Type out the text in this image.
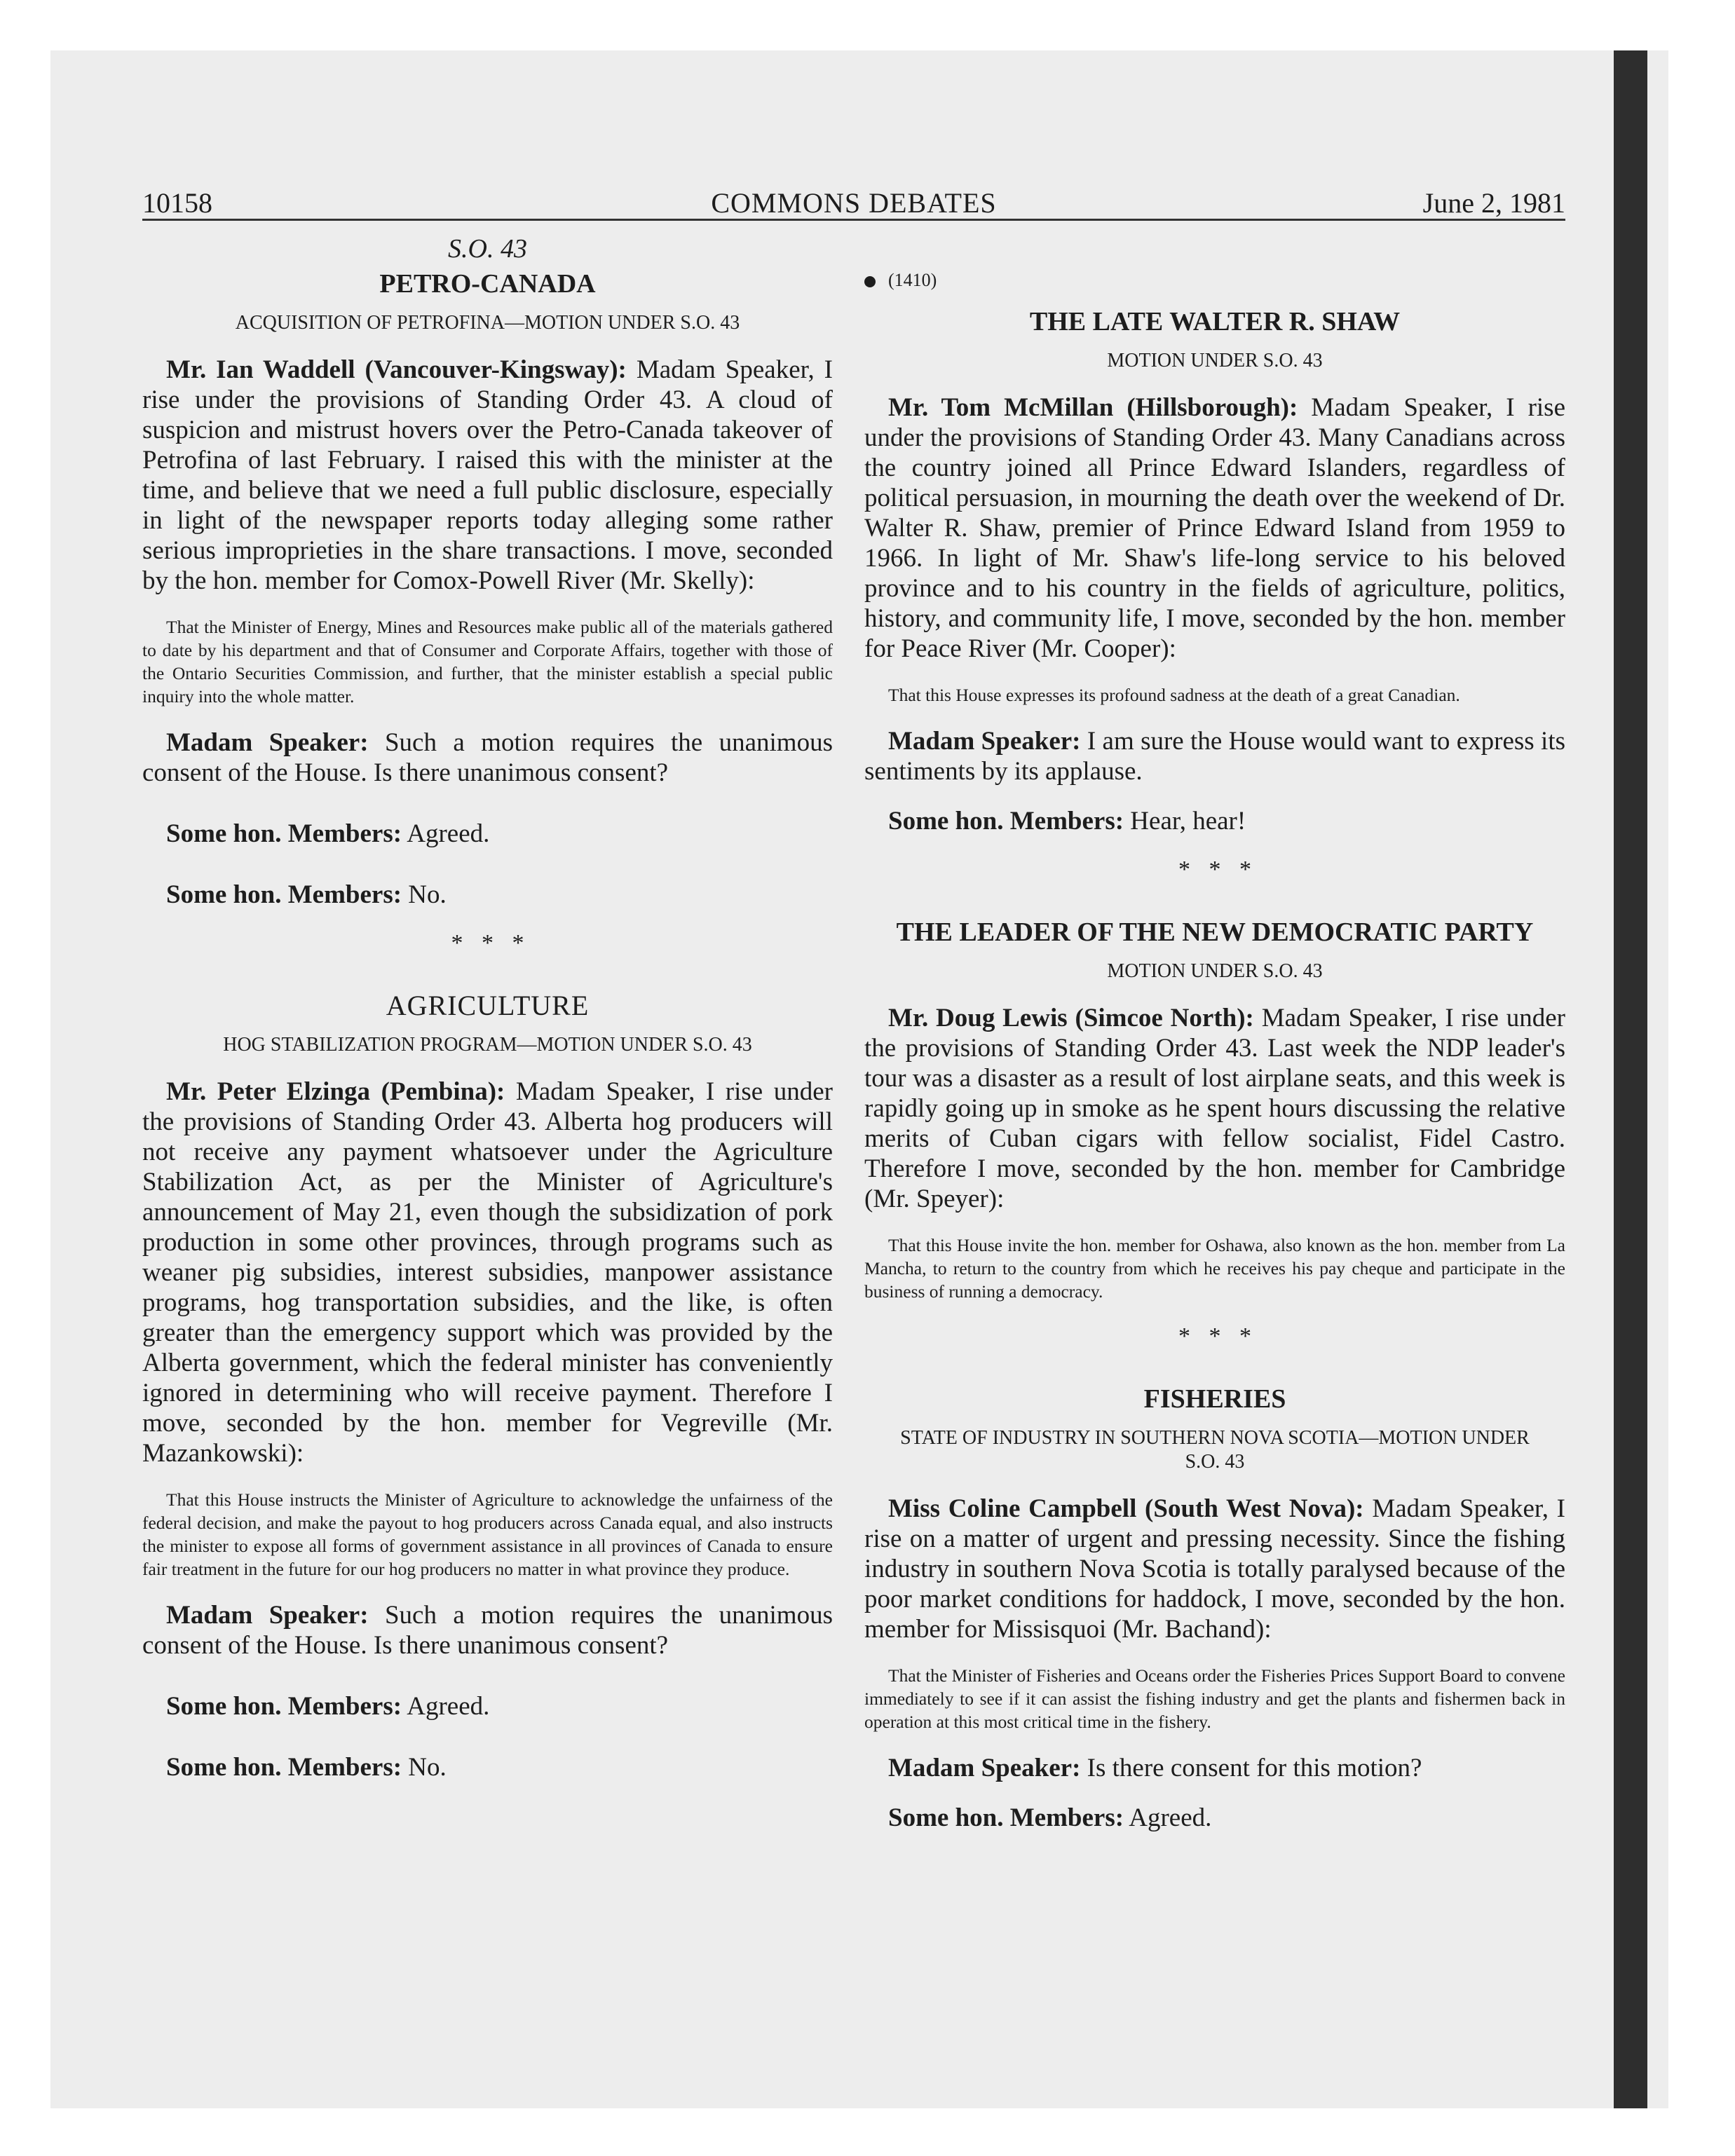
10158	COMMONS DEBATES	June 2, 1981

S.O. 43

PETRO-CANADA

ACQUISITION OF PETROFINA—MOTION UNDER S.O. 43

Mr. Ian Waddell (Vancouver-Kingsway): Madam Speaker, I rise under the provisions of Standing Order 43. A cloud of suspicion and mistrust hovers over the Petro-Canada takeover of Petrofina of last February. I raised this with the minister at the time, and believe that we need a full public disclosure, especially in light of the newspaper reports today alleging some rather serious improprieties in the share transactions. I move, seconded by the hon. member for Comox-Powell River (Mr. Skelly):

That the Minister of Energy, Mines and Resources make public all of the materials gathered to date by his department and that of Consumer and Corporate Affairs, together with those of the Ontario Securities Commission, and further, that the minister establish a special public inquiry into the whole matter.

Madam Speaker: Such a motion requires the unanimous consent of the House. Is there unanimous consent?

Some hon. Members: Agreed.

Some hon. Members: No.

* * *

AGRICULTURE

HOG STABILIZATION PROGRAM—MOTION UNDER S.O. 43

Mr. Peter Elzinga (Pembina): Madam Speaker, I rise under the provisions of Standing Order 43. Alberta hog producers will not receive any payment whatsoever under the Agriculture Stabilization Act, as per the Minister of Agriculture's announcement of May 21, even though the subsidization of pork production in some other provinces, through programs such as weaner pig subsidies, interest subsidies, manpower assistance programs, hog transportation subsidies, and the like, is often greater than the emergency support which was provided by the Alberta government, which the federal minister has conveniently ignored in determining who will receive payment. Therefore I move, seconded by the hon. member for Vegreville (Mr. Mazankowski):

That this House instructs the Minister of Agriculture to acknowledge the unfairness of the federal decision, and make the payout to hog producers across Canada equal, and also instructs the minister to expose all forms of government assistance in all provinces of Canada to ensure fair treatment in the future for our hog producers no matter in what province they produce.

Madam Speaker: Such a motion requires the unanimous consent of the House. Is there unanimous consent?

Some hon. Members: Agreed.

Some hon. Members: No.

(1410)

THE LATE WALTER R. SHAW

MOTION UNDER S.O. 43

Mr. Tom McMillan (Hillsborough): Madam Speaker, I rise under the provisions of Standing Order 43. Many Canadians across the country joined all Prince Edward Islanders, regardless of political persuasion, in mourning the death over the weekend of Dr. Walter R. Shaw, premier of Prince Edward Island from 1959 to 1966. In light of Mr. Shaw's life-long service to his beloved province and to his country in the fields of agriculture, politics, history, and community life, I move, seconded by the hon. member for Peace River (Mr. Cooper):

That this House expresses its profound sadness at the death of a great Canadian.

Madam Speaker: I am sure the House would want to express its sentiments by its applause.

Some hon. Members: Hear, hear!

* * *

THE LEADER OF THE NEW DEMOCRATIC PARTY

MOTION UNDER S.O. 43

Mr. Doug Lewis (Simcoe North): Madam Speaker, I rise under the provisions of Standing Order 43. Last week the NDP leader's tour was a disaster as a result of lost airplane seats, and this week is rapidly going up in smoke as he spent hours discussing the relative merits of Cuban cigars with fellow socialist, Fidel Castro. Therefore I move, seconded by the hon. member for Cambridge (Mr. Speyer):

That this House invite the hon. member for Oshawa, also known as the hon. member from La Mancha, to return to the country from which he receives his pay cheque and participate in the business of running a democracy.

* * *

FISHERIES

STATE OF INDUSTRY IN SOUTHERN NOVA SCOTIA—MOTION UNDER S.O. 43

Miss Coline Campbell (South West Nova): Madam Speaker, I rise on a matter of urgent and pressing necessity. Since the fishing industry in southern Nova Scotia is totally paralysed because of the poor market conditions for haddock, I move, seconded by the hon. member for Missisquoi (Mr. Bachand):

That the Minister of Fisheries and Oceans order the Fisheries Prices Support Board to convene immediately to see if it can assist the fishing industry and get the plants and fishermen back in operation at this most critical time in the fishery.

Madam Speaker: Is there consent for this motion?

Some hon. Members: Agreed.
